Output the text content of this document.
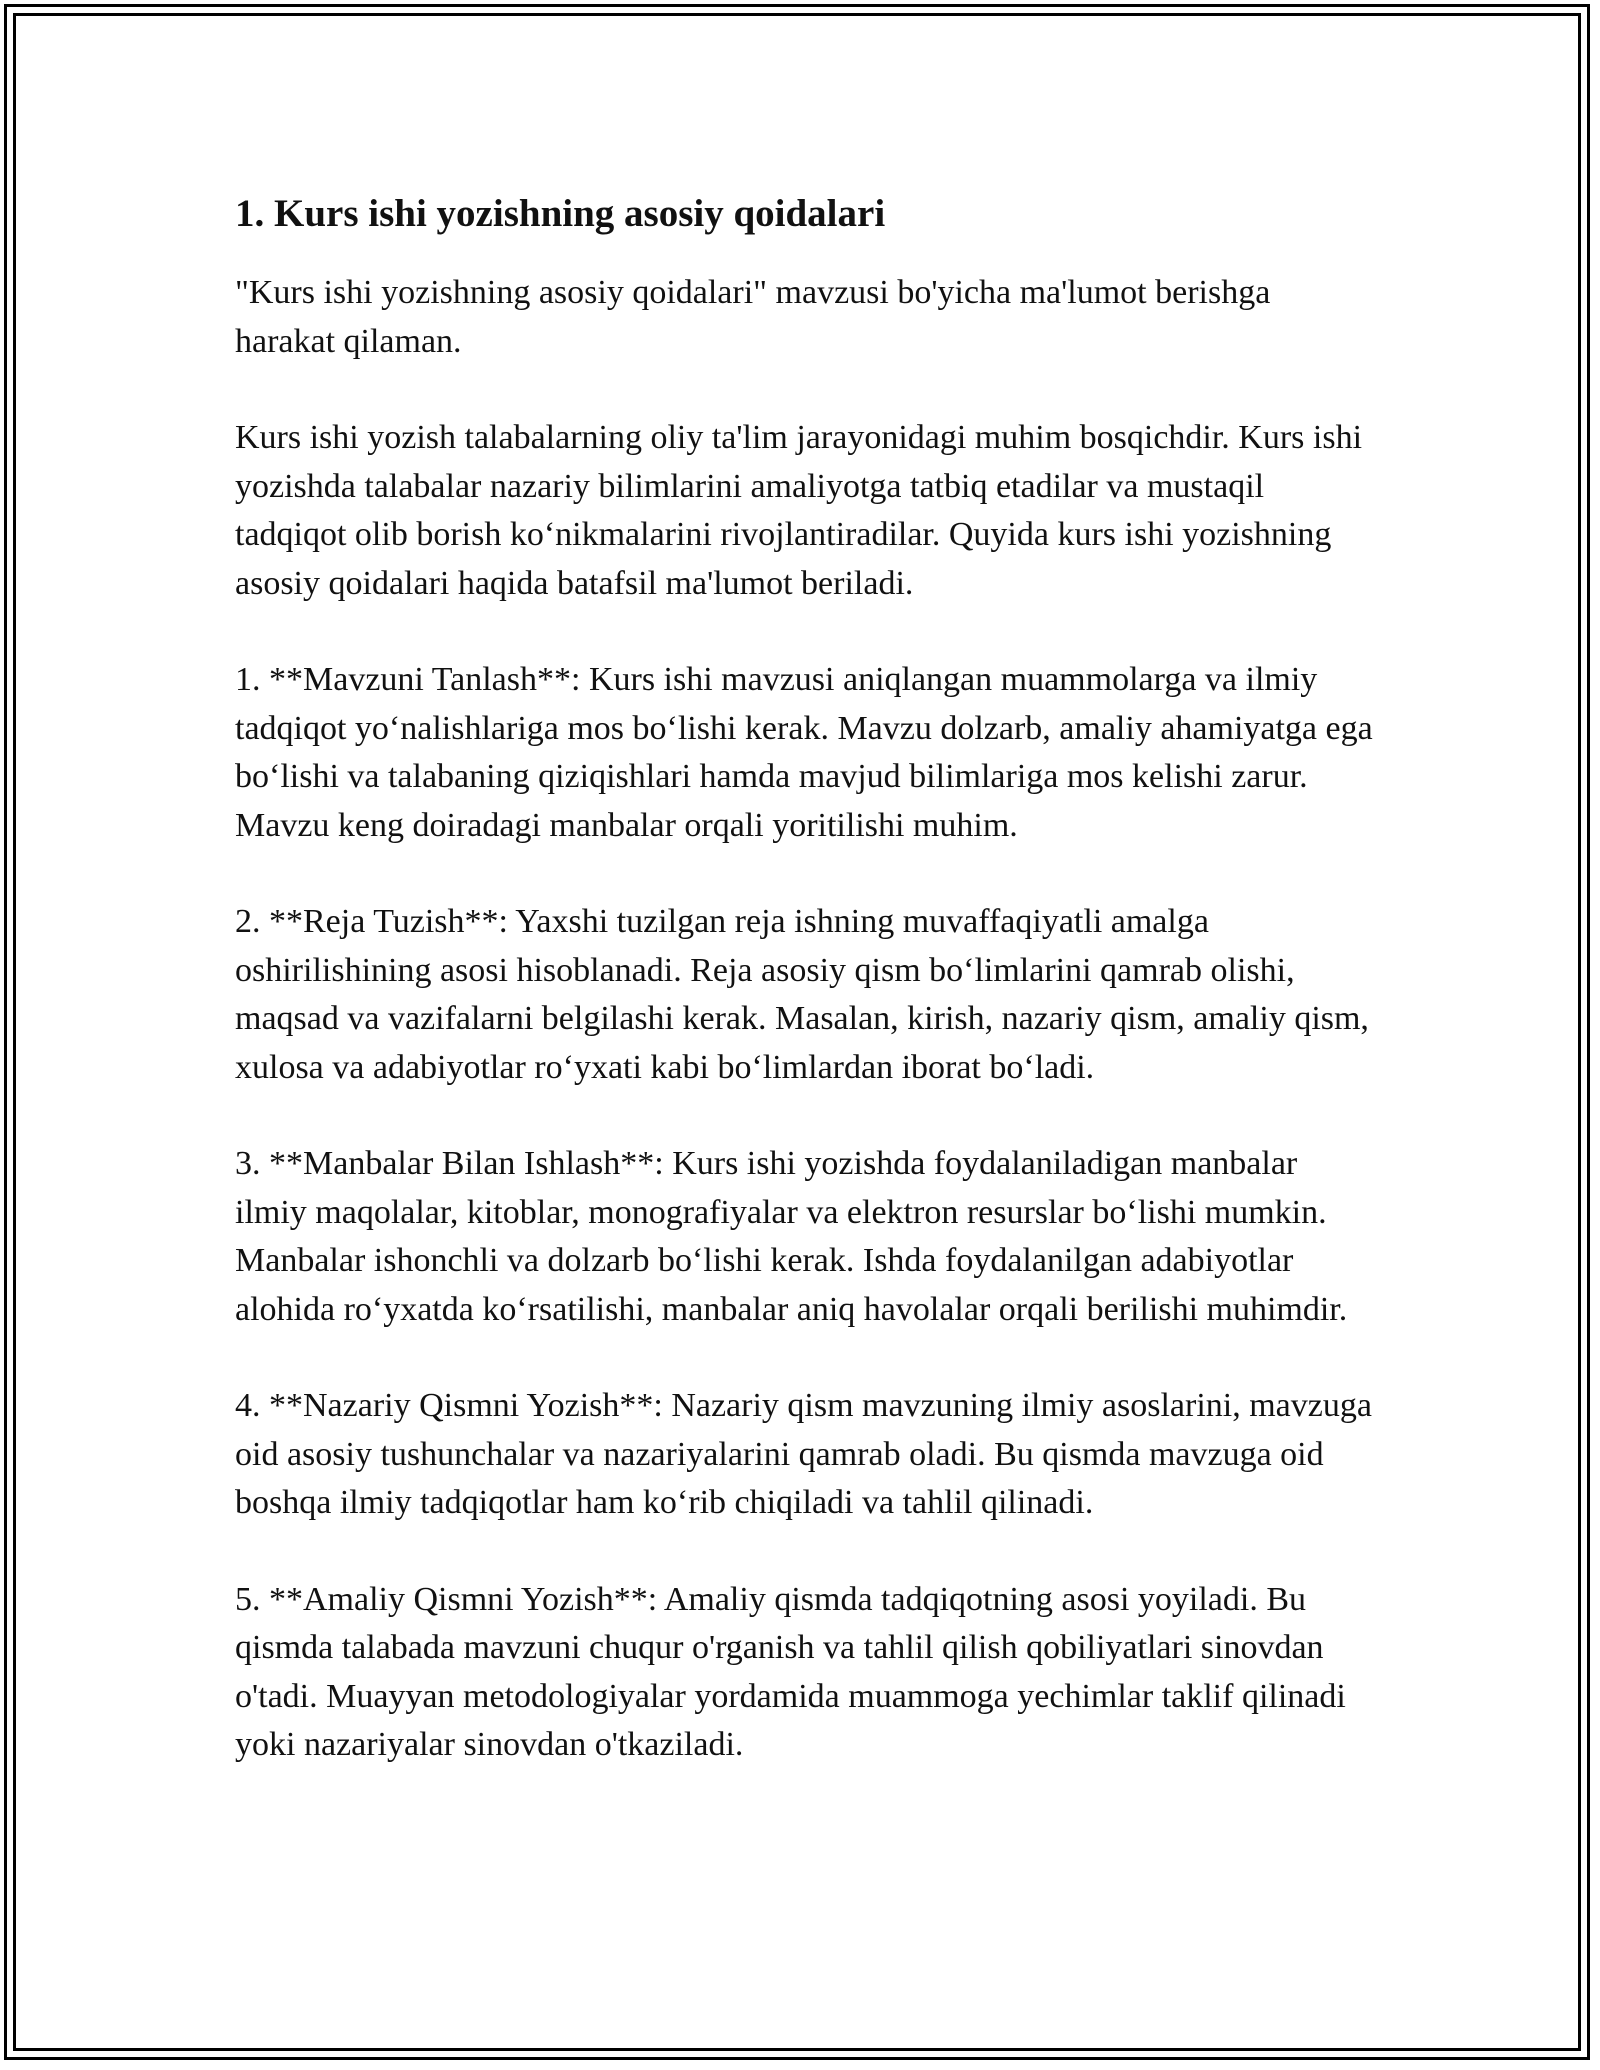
1. Kurs ishi yozishning asosiy qoidalari

"Kurs ishi yozishning asosiy qoidalari" mavzusi bo'yicha ma'lumot berishga harakat qilaman.

Kurs ishi yozish talabalarning oliy ta'lim jarayonidagi muhim bosqichdir. Kurs ishi yozishda talabalar nazariy bilimlarini amaliyotga tatbiq etadilar va mustaqil tadqiqot olib borish koʻnikmalarini rivojlantiradilar. Quyida kurs ishi yozishning asosiy qoidalari haqida batafsil ma'lumot beriladi.

1. **Mavzuni Tanlash**: Kurs ishi mavzusi aniqlangan muammolarga va ilmiy tadqiqot yoʻnalishlariga mos boʻlishi kerak. Mavzu dolzarb, amaliy ahamiyatga ega boʻlishi va talabaning qiziqishlari hamda mavjud bilimlariga mos kelishi zarur. Mavzu keng doiradagi manbalar orqali yoritilishi muhim.

2. **Reja Tuzish**: Yaxshi tuzilgan reja ishning muvaffaqiyatli amalga oshirilishining asosi hisoblanadi. Reja asosiy qism boʻlimlarini qamrab olishi, maqsad va vazifalarni belgilashi kerak. Masalan, kirish, nazariy qism, amaliy qism, xulosa va adabiyotlar roʻyxati kabi boʻlimlardan iborat boʻladi.

3. **Manbalar Bilan Ishlash**: Kurs ishi yozishda foydalaniladigan manbalar ilmiy maqolalar, kitoblar, monografiyalar va elektron resurslar boʻlishi mumkin. Manbalar ishonchli va dolzarb boʻlishi kerak. Ishda foydalanilgan adabiyotlar alohida roʻyxatda koʻrsatilishi, manbalar aniq havolalar orqali berilishi muhimdir.

4. **Nazariy Qismni Yozish**: Nazariy qism mavzuning ilmiy asoslarini, mavzuga oid asosiy tushunchalar va nazariyalarini qamrab oladi. Bu qismda mavzuga oid boshqa ilmiy tadqiqotlar ham koʻrib chiqiladi va tahlil qilinadi.

5. **Amaliy Qismni Yozish**: Amaliy qismda tadqiqotning asosi yoyiladi. Bu qismda talabada mavzuni chuqur o'rganish va tahlil qilish qobiliyatlari sinovdan o'tadi. Muayyan metodologiyalar yordamida muammoga yechimlar taklif qilinadi yoki nazariyalar sinovdan o'tkaziladi.
